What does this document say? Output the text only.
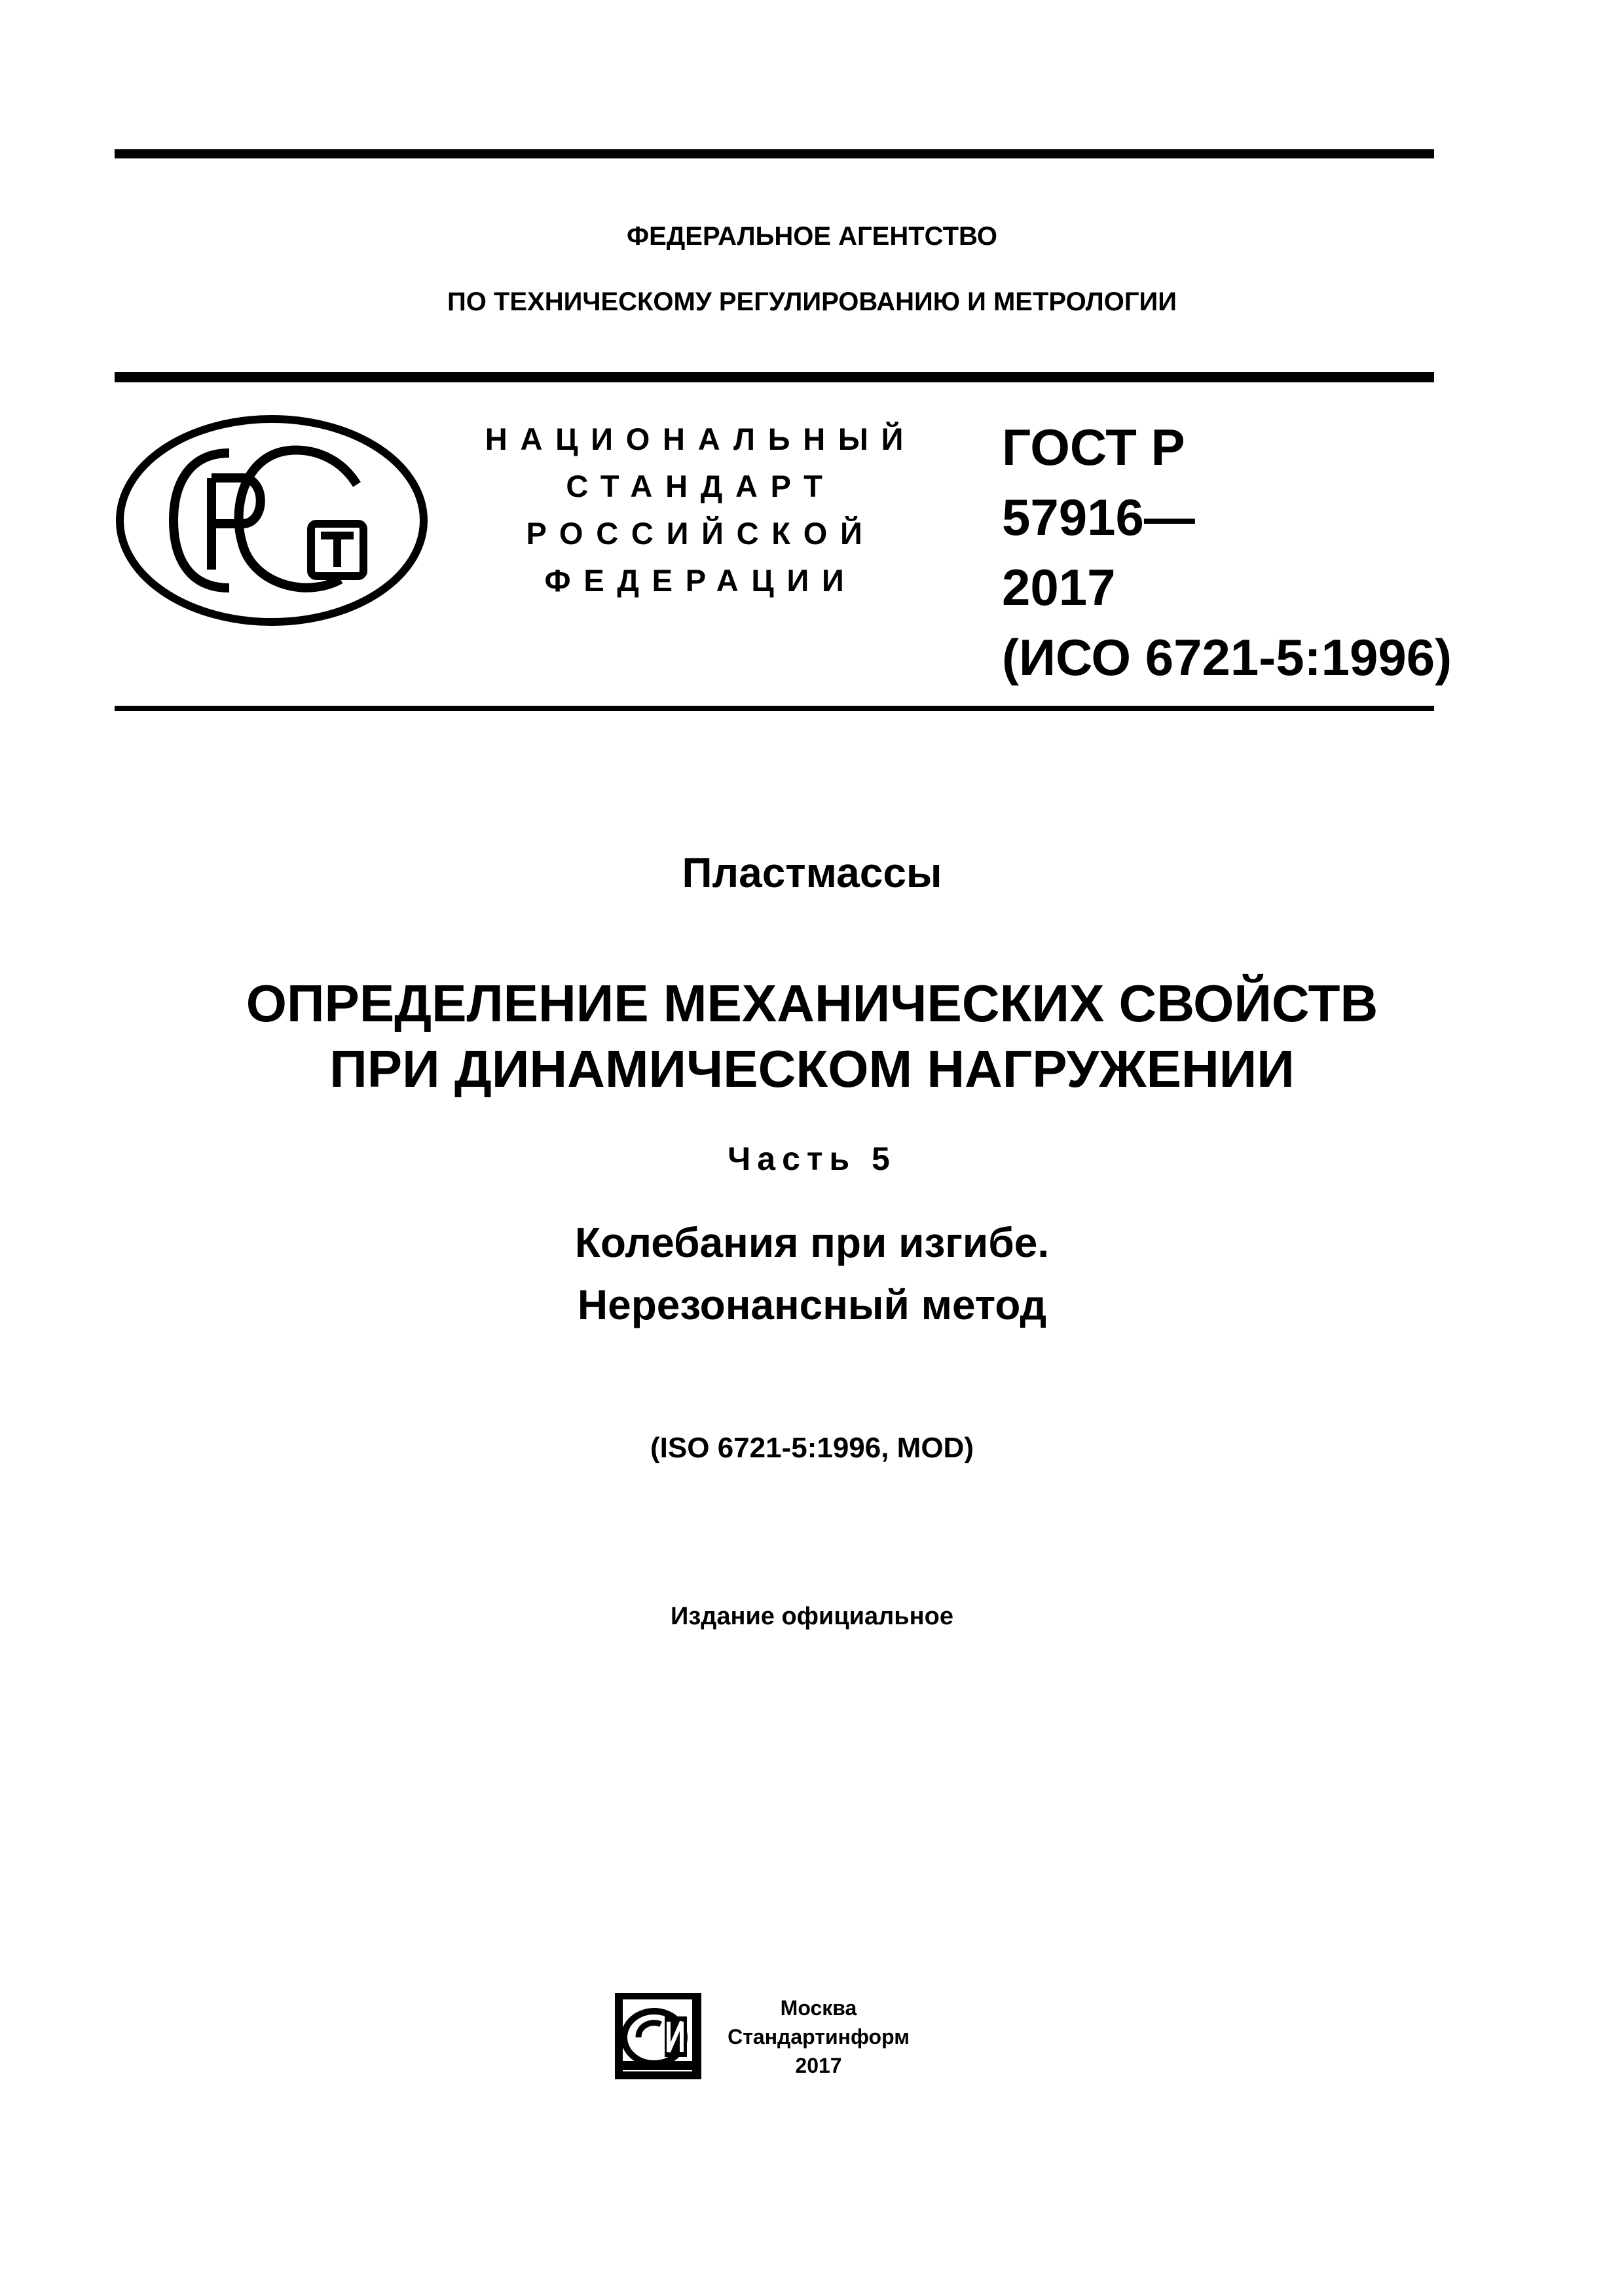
ФЕДЕРАЛЬНОЕ АГЕНТСТВО
ПО ТЕХНИЧЕСКОМУ РЕГУЛИРОВАНИЮ И МЕТРОЛОГИИ
НАЦИОНАЛЬНЫЙ
СТАНДАРТ
РОССИЙСКОЙ
ФЕДЕРАЦИИ
ГОСТ Р
57916—
2017
(ИСО 6721-5:1996)
Пластмассы
ОПРЕДЕЛЕНИЕ МЕХАНИЧЕСКИХ СВОЙСТВ
ПРИ ДИНАМИЧЕСКОМ НАГРУЖЕНИИ
Часть 5
Колебания при изгибе.
Нерезонансный метод
(ISO 6721-5:1996, MOD)
Издание официальное
Москва
Стандартинформ
2017
